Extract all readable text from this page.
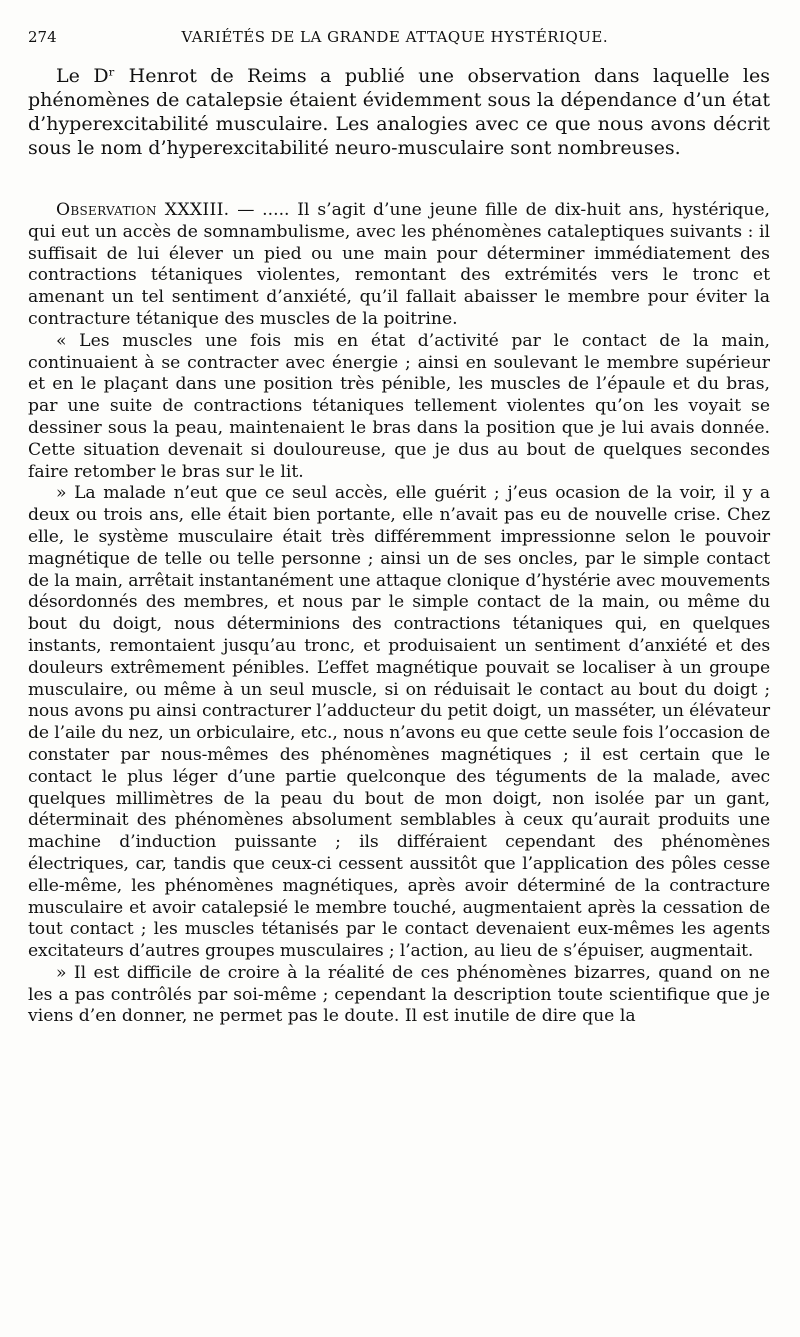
274	VARIÉTÉS DE LA GRANDE ATTAQUE HYSTÉRIQUE.

Le Dʳ Henrot de Reims a publié une observation dans laquelle les phénomènes de catalepsie étaient évidemment sous la dépendance d’un état d’hyperexcitabilité musculaire. Les analogies avec ce que nous avons décrit sous le nom d’hyperexcitabilité neuro-musculaire sont nombreuses.

Observation XXXIII. — ..... Il s’agit d’une jeune fille de dix-huit ans, hystérique, qui eut un accès de somnambulisme, avec les phénomènes cataleptiques suivants : il suffisait de lui élever un pied ou une main pour déterminer immédiatement des contractions tétaniques violentes, remontant des extrémités vers le tronc et amenant un tel sentiment d’anxiété, qu’il fallait abaisser le membre pour éviter la contracture tétanique des muscles de la poitrine.

« Les muscles une fois mis en état d’activité par le contact de la main, continuaient à se contracter avec énergie ; ainsi en soulevant le membre supérieur et en le plaçant dans une position très pénible, les muscles de l’épaule et du bras, par une suite de contractions tétaniques tellement violentes qu’on les voyait se dessiner sous la peau, maintenaient le bras dans la position que je lui avais donnée. Cette situation devenait si douloureuse, que je dus au bout de quelques secondes faire retomber le bras sur le lit.

» La malade n’eut que ce seul accès, elle guérit ; j’eus ocasion de la voir, il y a deux ou trois ans, elle était bien portante, elle n’avait pas eu de nouvelle crise. Chez elle, le système musculaire était très différemment impressionne selon le pouvoir magnétique de telle ou telle personne ; ainsi un de ses oncles, par le simple contact de la main, arrêtait instantanément une attaque clonique d’hystérie avec mouvements désordonnés des membres, et nous par le simple contact de la main, ou même du bout du doigt, nous déterminions des contractions tétaniques qui, en quelques instants, remontaient jusqu’au tronc, et produisaient un sentiment d’anxiété et des douleurs extrêmement pénibles. L’effet magnétique pouvait se localiser à un groupe musculaire, ou même à un seul muscle, si on réduisait le contact au bout du doigt ; nous avons pu ainsi contracturer l’adducteur du petit doigt, un masséter, un élévateur de l’aile du nez, un orbiculaire, etc., nous n’avons eu que cette seule fois l’occasion de constater par nous-mêmes des phénomènes magnétiques ; il est certain que le contact le plus léger d’une partie quelconque des téguments de la malade, avec quelques millimètres de la peau du bout de mon doigt, non isolée par un gant, déterminait des phénomènes absolument semblables à ceux qu’aurait produits une machine d’induction puissante ; ils différaient cependant des phénomènes électriques, car, tandis que ceux-ci cessent aussitôt que l’application des pôles cesse elle-même, les phénomènes magnétiques, après avoir déterminé de la contracture musculaire et avoir catalepsié le membre touché, augmentaient après la cessation de tout contact ; les muscles tétanisés par le contact devenaient eux-mêmes les agents excitateurs d’autres groupes musculaires ; l’action, au lieu de s’épuiser, augmentait.

» Il est difficile de croire à la réalité de ces phénomènes bizarres, quand on ne les a pas contrôlés par soi-même ; cependant la description toute scientifique que je viens d’en donner, ne permet pas le doute. Il est inutile de dire que la
